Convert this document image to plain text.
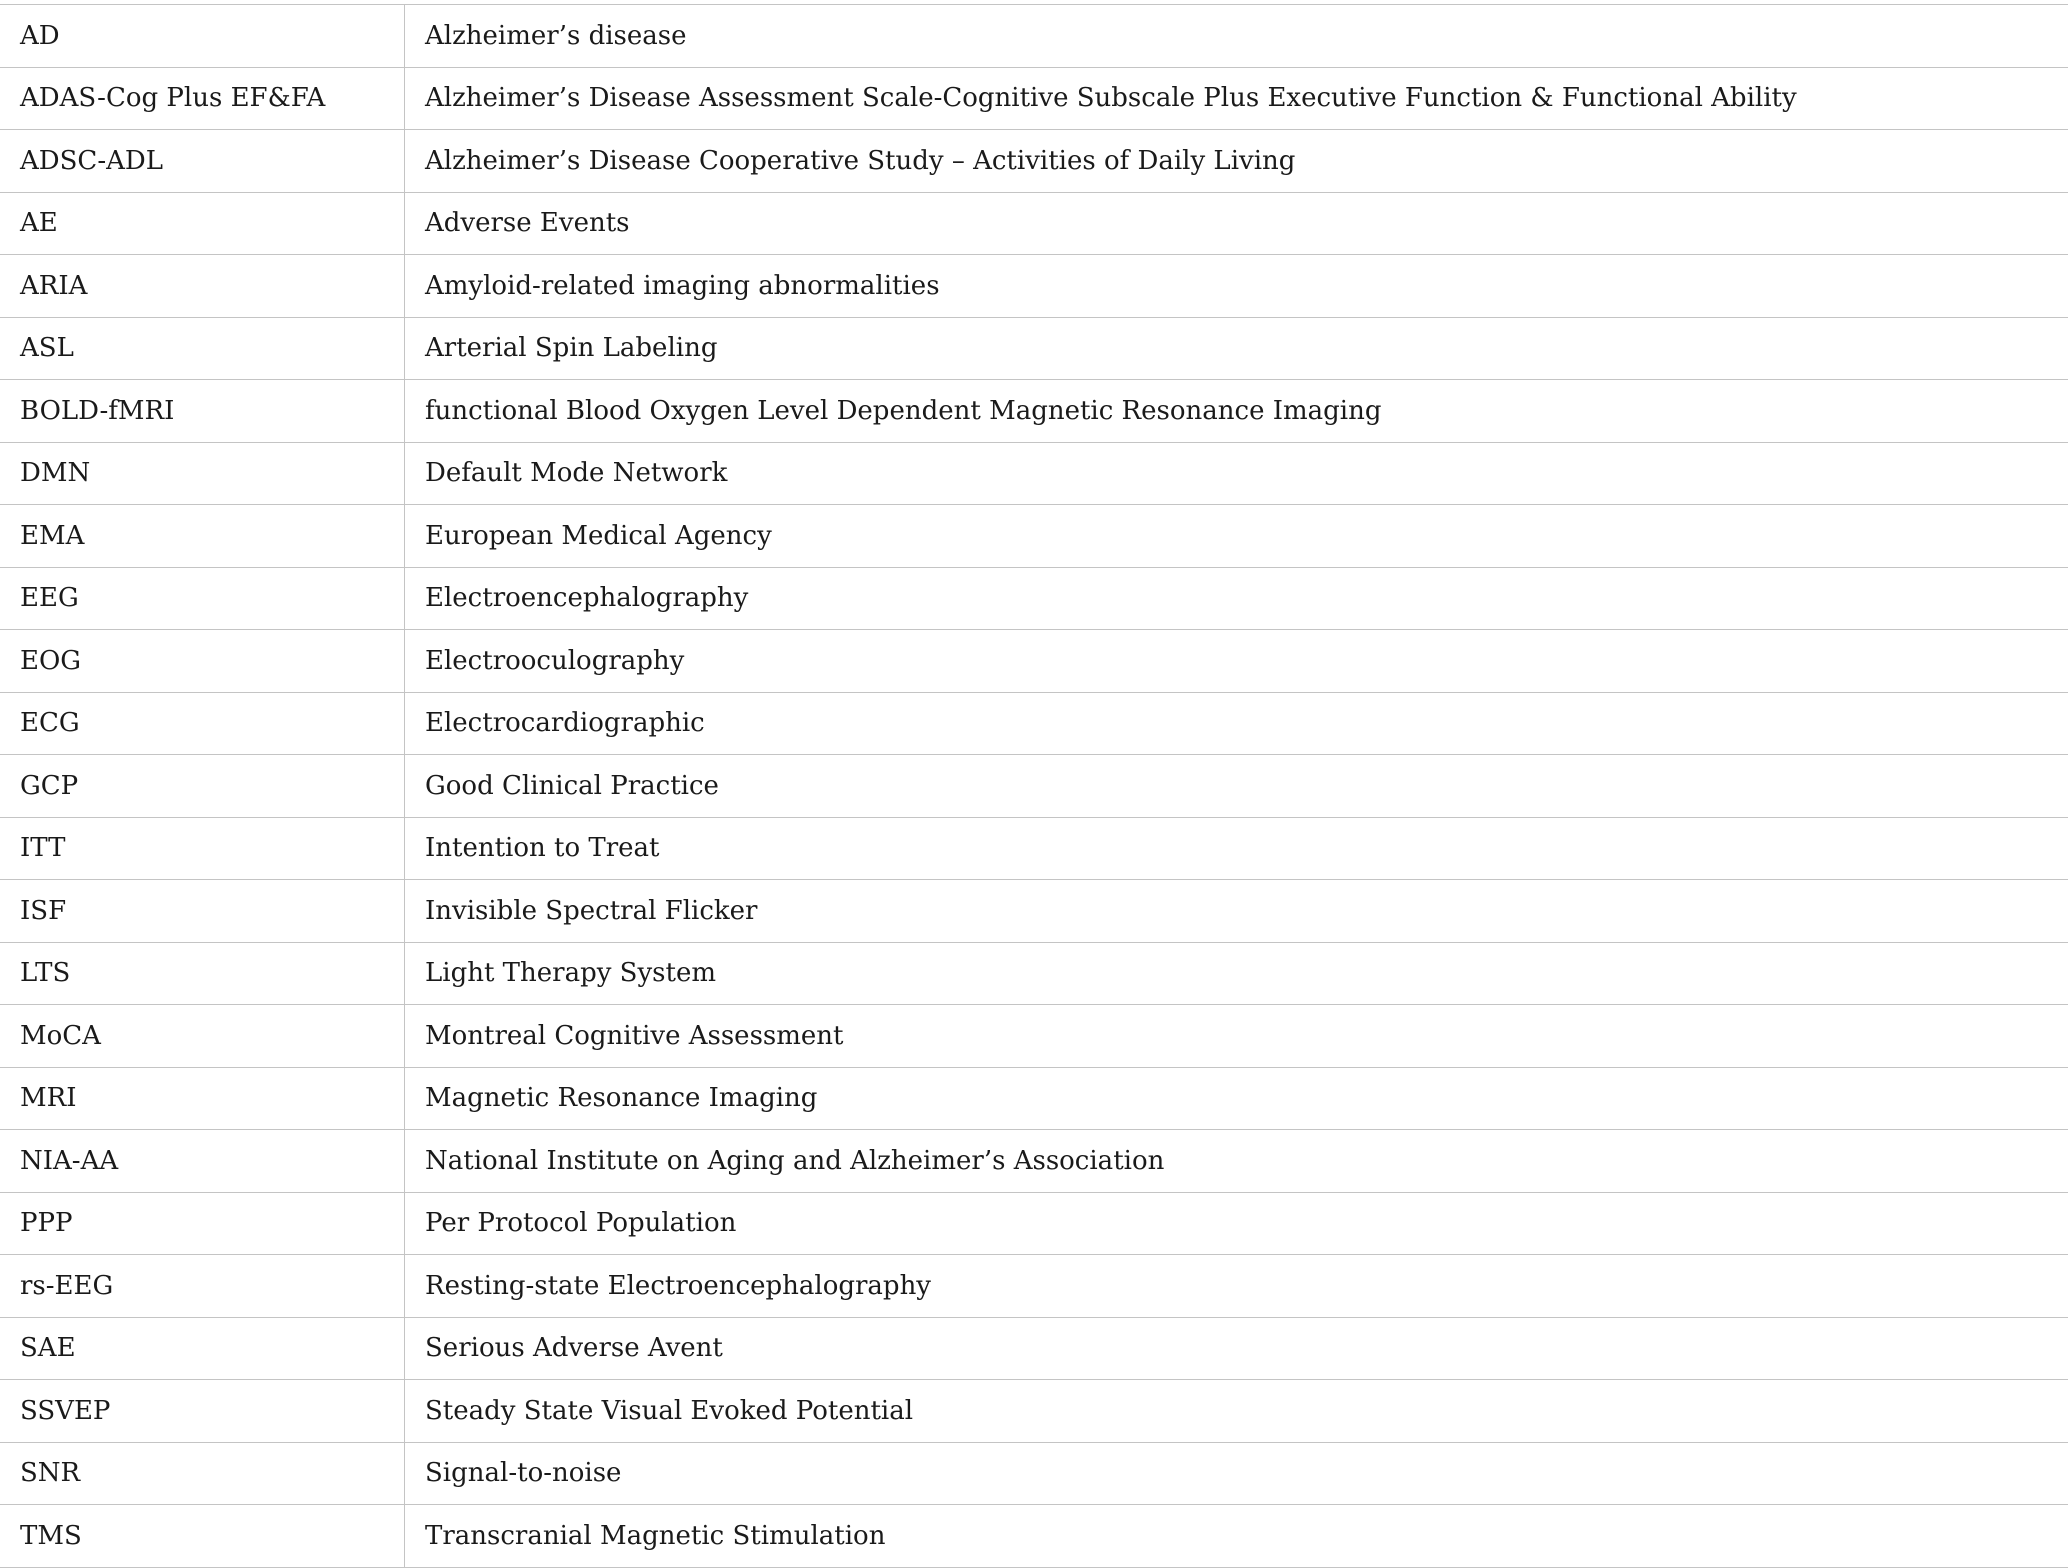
AD	Alzheimer’s disease
ADAS-Cog Plus EF&FA	Alzheimer’s Disease Assessment Scale-Cognitive Subscale Plus Executive Function & Functional Ability
ADSC-ADL	Alzheimer’s Disease Cooperative Study – Activities of Daily Living
AE	Adverse Events
ARIA	Amyloid-related imaging abnormalities
ASL	Arterial Spin Labeling
BOLD-fMRI	functional Blood Oxygen Level Dependent Magnetic Resonance Imaging
DMN	Default Mode Network
EMA	European Medical Agency
EEG	Electroencephalography
EOG	Electrooculography
ECG	Electrocardiographic
GCP	Good Clinical Practice
ITT	Intention to Treat
ISF	Invisible Spectral Flicker
LTS	Light Therapy System
MoCA	Montreal Cognitive Assessment
MRI	Magnetic Resonance Imaging
NIA-AA	National Institute on Aging and Alzheimer’s Association
PPP	Per Protocol Population
rs-EEG	Resting-state Electroencephalography
SAE	Serious Adverse Avent
SSVEP	Steady State Visual Evoked Potential
SNR	Signal-to-noise
TMS	Transcranial Magnetic Stimulation
